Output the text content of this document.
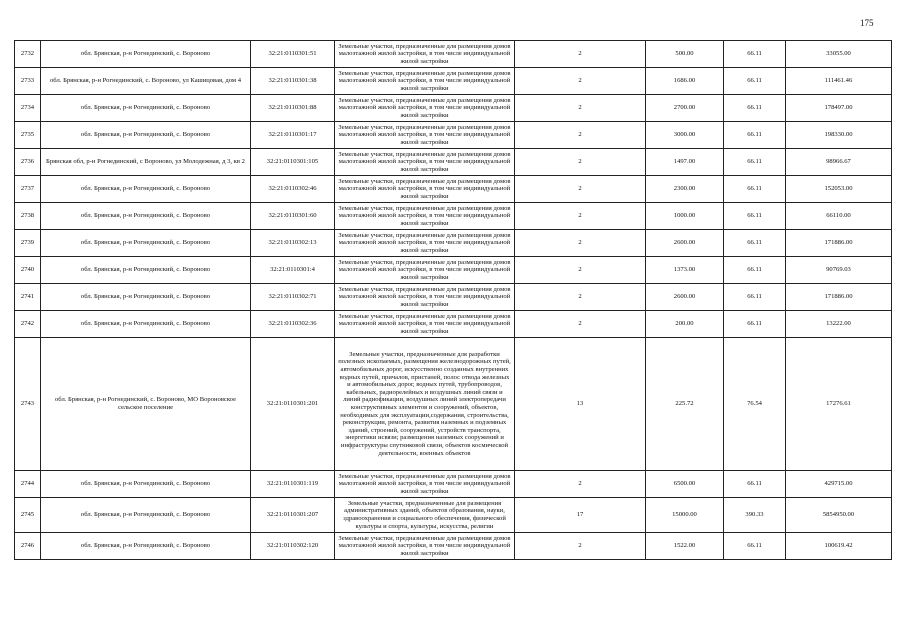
175
2732	обл. Брянская, р-н Рогнединский, с. Вороново	32:21:0110301:51	Земельные участки, предназначенные для размещения домов малоэтажной жилой застройки, в том числе индивидуальной жилой застройки	2	500.00	66.11	33055.00
2733	обл. Брянская, р-н Рогнединский, с. Вороново, ул Кашицовая, дом 4	32:21:0110301:38	Земельные участки, предназначенные для размещения домов малоэтажной жилой застройки, в том числе индивидуальной жилой застройки	2	1686.00	66.11	111461.46
2734	обл. Брянская, р-н Рогнединский, с. Вороново	32:21:0110301:88	Земельные участки, предназначенные для размещения домов малоэтажной жилой застройки, в том числе индивидуальной жилой застройки	2	2700.00	66.11	178497.00
2735	обл. Брянская, р-н Рогнединский, с. Вороново	32:21:0110301:17	Земельные участки, предназначенные для размещения домов малоэтажной жилой застройки, в том числе индивидуальной жилой застройки	2	3000.00	66.11	198330.00
2736	Брянская обл, р-н Рогнединский, с Вороново, ул Молодежная, д 3, кв 2	32:21:0110301:105	Земельные участки, предназначенные для размещения домов малоэтажной жилой застройки, в том числе индивидуальной жилой застройки	2	1497.00	66.11	98966.67
2737	обл. Брянская, р-н Рогнединский, с. Вороново	32:21:0110302:46	Земельные участки, предназначенные для размещения домов малоэтажной жилой застройки, в том числе индивидуальной жилой застройки	2	2300.00	66.11	152053.00
2738	обл. Брянская, р-н Рогнединский, с. Вороново	32:21:0110301:60	Земельные участки, предназначенные для размещения домов малоэтажной жилой застройки, в том числе индивидуальной жилой застройки	2	1000.00	66.11	66110.00
2739	обл. Брянская, р-н Рогнединский, с. Вороново	32:21:0110302:13	Земельные участки, предназначенные для размещения домов малоэтажной жилой застройки, в том числе индивидуальной жилой застройки	2	2600.00	66.11	171886.00
2740	обл. Брянская, р-н Рогнединский, с. Вороново	32:21:0110301:4	Земельные участки, предназначенные для размещения домов малоэтажной жилой застройки, в том числе индивидуальной жилой застройки	2	1373.00	66.11	90769.03
2741	обл. Брянская, р-н Рогнединский, с. Вороново	32:21:0110302:71	Земельные участки, предназначенные для размещения домов малоэтажной жилой застройки, в том числе индивидуальной жилой застройки	2	2600.00	66.11	171886.00
2742	обл. Брянская, р-н Рогнединский, с. Вороново	32:21:0110302:36	Земельные участки, предназначенные для размещения домов малоэтажной жилой застройки, в том числе индивидуальной жилой застройки	2	200.00	66.11	13222.00
2743	обл. Брянская, р-н Рогнединский, с. Вороново, МО Вороновское сельское поселение	32:21:0110301:201	Земельные участки, предназначенные для разработки полезных ископаемых, размещения железнодорожных путей, автомобильных дорог, искусственно созданных внутренних водных путей, причалов, пристаней, полос отвода железных и автомобильных дорог, водных путей, трубопроводов, кабельных, радиорелейных и воздушных линий связи и линий радиофикации, воздушных линий электропередачи конструктивных элементов и сооружений, объектов, необходимых для эксплуатации,содержания, строительства, реконструкции, ремонта, развития наземных и подземных зданий, строений, сооружений, устройств транспорта, энергетики исвязи; размещения наземных сооружений и инфраструктуры спутниковой связи, объектов космической деятельности, военных объектов	13	225.72	76.54	17276.61
2744	обл. Брянская, р-н Рогнединский, с. Вороново	32:21:0110301:119	Земельные участки, предназначенные для размещения домов малоэтажной жилой застройки, в том числе индивидуальной жилой застройки	2	6500.00	66.11	429715.00
2745	обл. Брянская, р-н Рогнединский, с. Вороново	32:21:0110301:207	Земельные участки, предназначенные для размещения административных зданий, объектов образования, науки, здравоохранения и социального обеспечения, физической культуры и спорта, культуры, искусства, религии	17	15000.00	390.33	5854950.00
2746	обл. Брянская, р-н Рогнединский, с. Вороново	32:21:0110302:120	Земельные участки, предназначенные для размещения домов малоэтажной жилой застройки, в том числе индивидуальной жилой застройки	2	1522.00	66.11	100619.42
